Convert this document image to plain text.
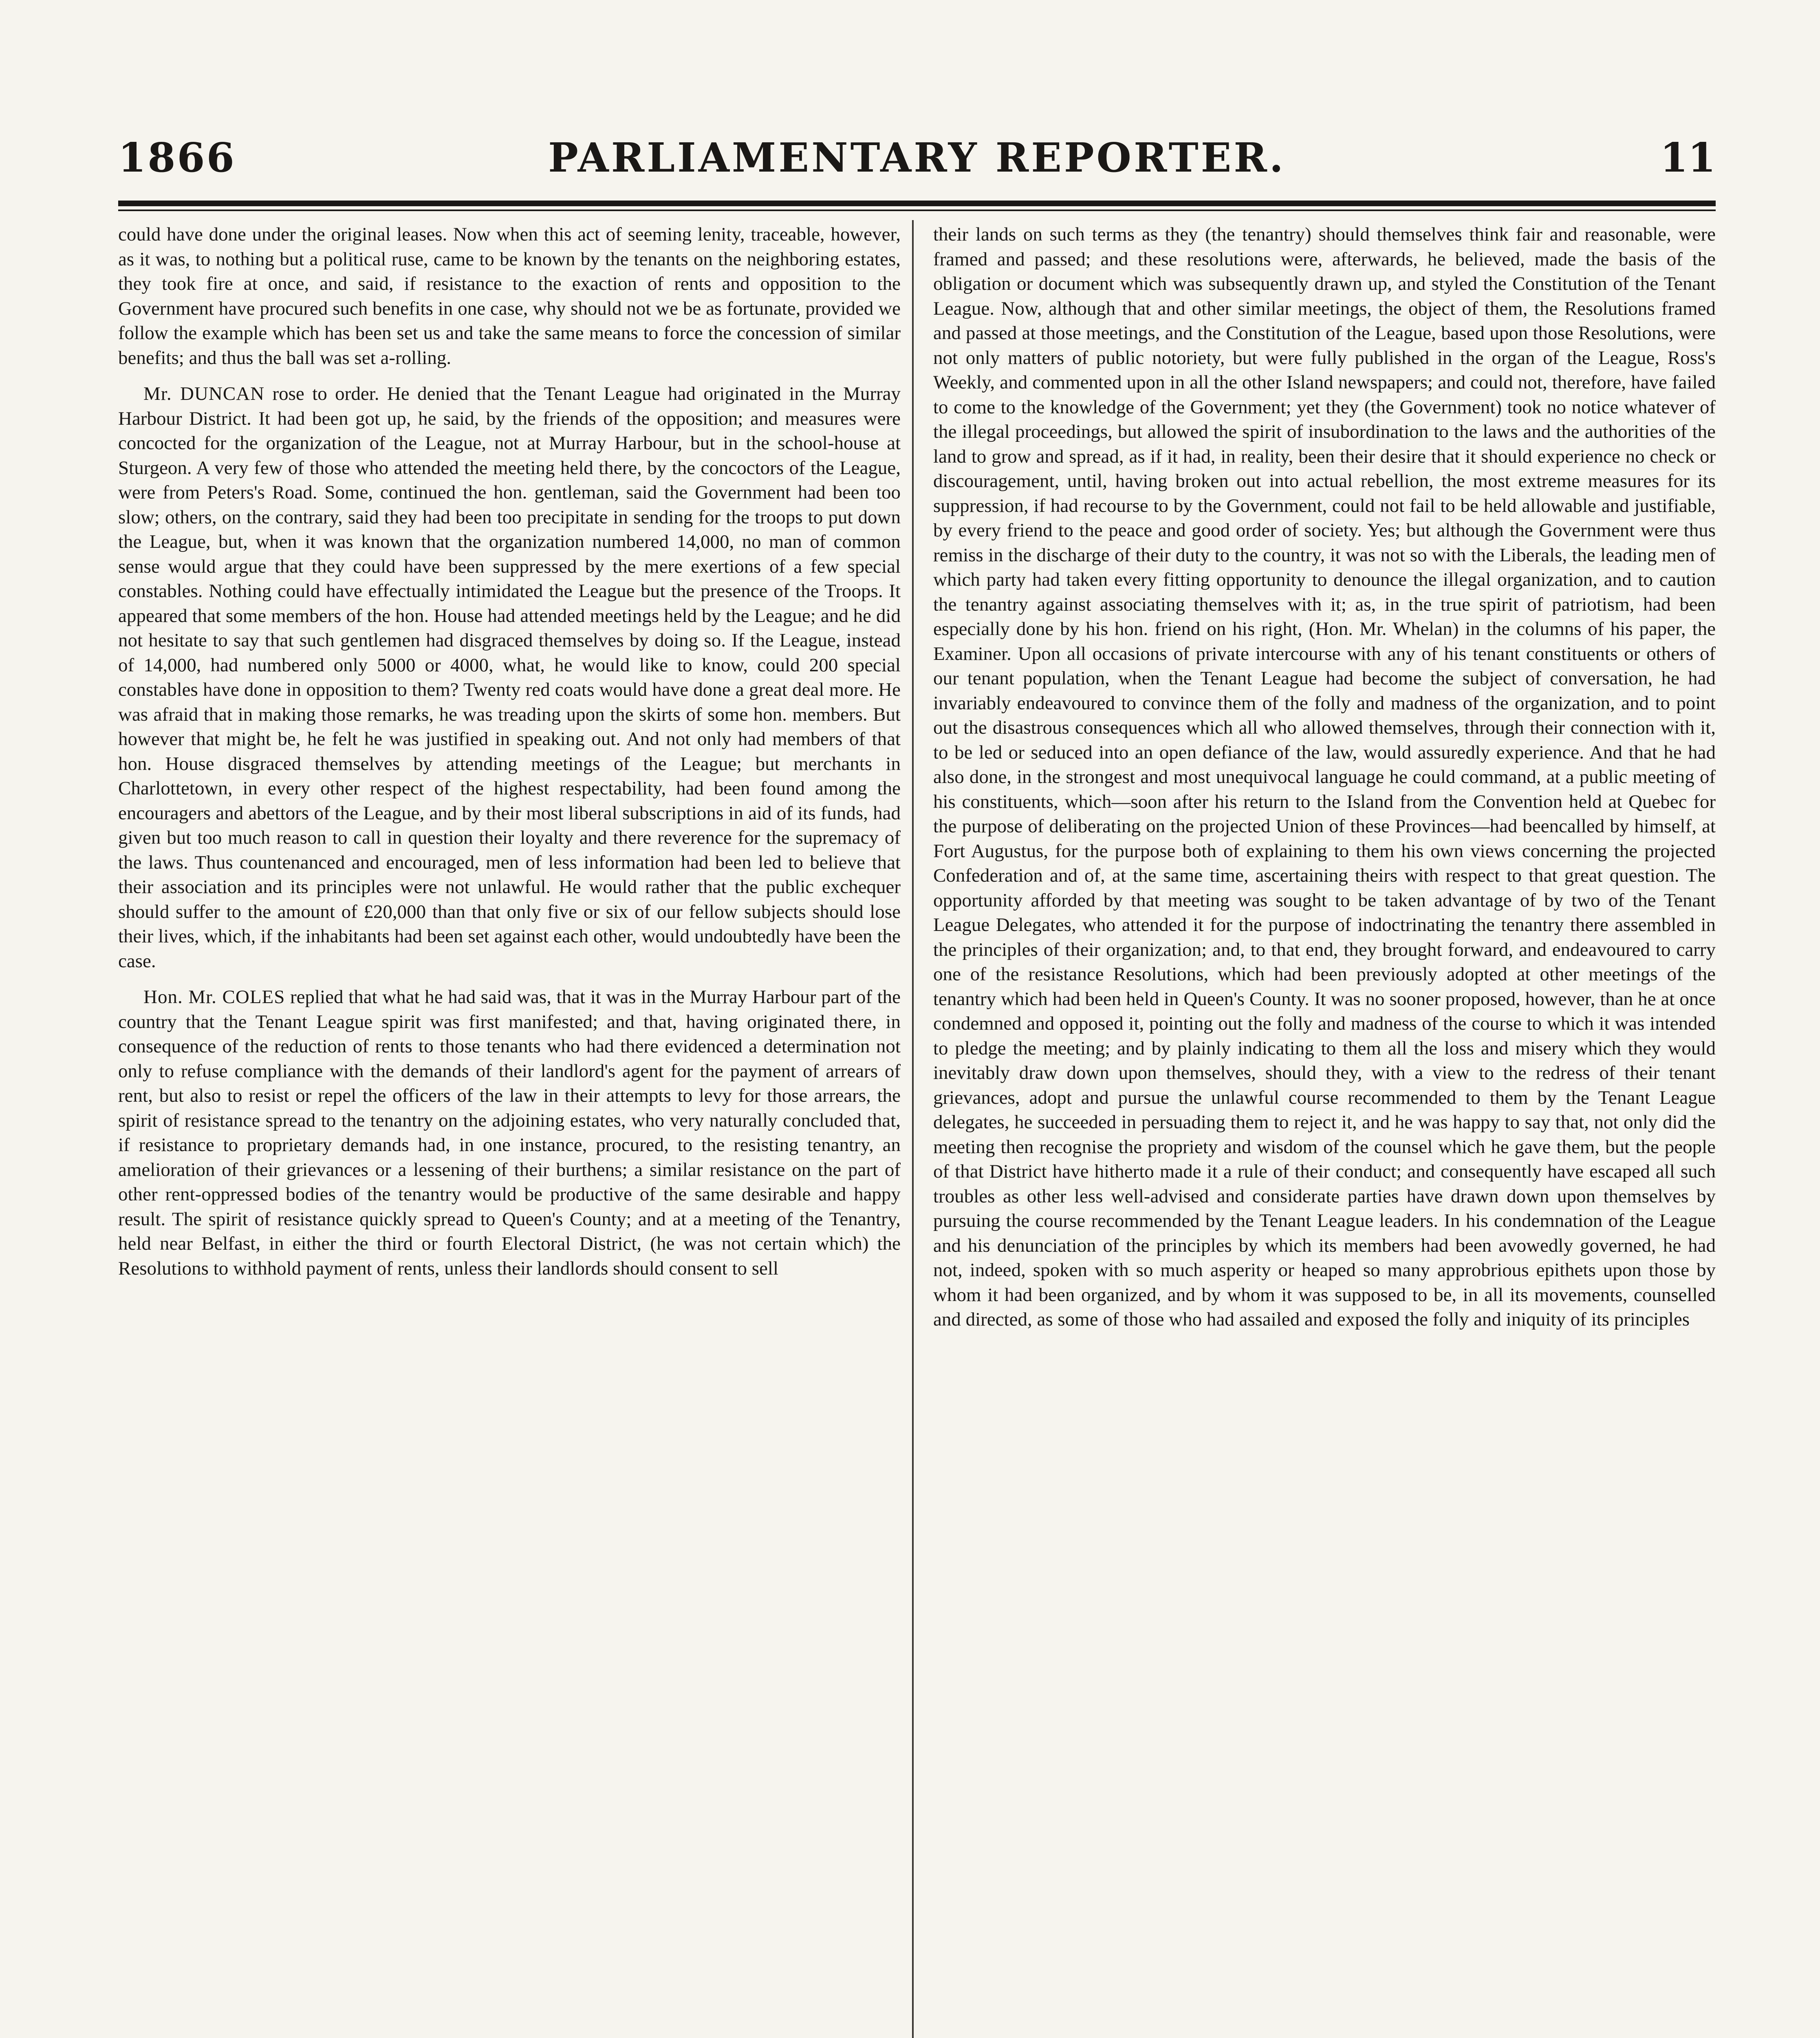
1866	PARLIAMENTARY REPORTER.	11

could have done under the original leases. Now when this act of seeming lenity, traceable, however, as it was, to nothing but a political ruse, came to be known by the tenants on the neighboring estates, they took fire at once, and said, if resistance to the exaction of rents and opposition to the Government have procured such benefits in one case, why should not we be as fortunate, provided we follow the example which has been set us and take the same means to force the concession of similar benefits; and thus the ball was set a-rolling.

Mr. DUNCAN rose to order. He denied that the Tenant League had originated in the Murray Harbour District. It had been got up, he said, by the friends of the opposition; and measures were concocted for the organization of the League, not at Murray Harbour, but in the school-house at Sturgeon. A very few of those who attended the meeting held there, by the concoctors of the League, were from Peters's Road. Some, continued the hon. gentleman, said the Government had been too slow; others, on the contrary, said they had been too precipitate in sending for the troops to put down the League, but, when it was known that the organization numbered 14,000, no man of common sense would argue that they could have been suppressed by the mere exertions of a few special constables. Nothing could have effectually intimidated the League but the presence of the Troops. It appeared that some members of the hon. House had attended meetings held by the League; and he did not hesitate to say that such gentlemen had disgraced themselves by doing so. If the League, instead of 14,000, had numbered only 5000 or 4000, what, he would like to know, could 200 special constables have done in opposition to them? Twenty red coats would have done a great deal more. He was afraid that in making those remarks, he was treading upon the skirts of some hon. members. But however that might be, he felt he was justified in speaking out. And not only had members of that hon. House disgraced themselves by attending meetings of the League; but merchants in Charlottetown, in every other respect of the highest respectability, had been found among the encouragers and abettors of the League, and by their most liberal subscriptions in aid of its funds, had given but too much reason to call in question their loyalty and there reverence for the supremacy of the laws. Thus countenanced and encouraged, men of less information had been led to believe that their association and its principles were not unlawful. He would rather that the public exchequer should suffer to the amount of £20,000 than that only five or six of our fellow subjects should lose their lives, which, if the inhabitants had been set against each other, would undoubtedly have been the case.

Hon. Mr. COLES replied that what he had said was, that it was in the Murray Harbour part of the country that the Tenant League spirit was first manifested; and that, having originated there, in consequence of the reduction of rents to those tenants who had there evidenced a determination not only to refuse compliance with the demands of their landlord's agent for the payment of arrears of rent, but also to resist or repel the officers of the law in their attempts to levy for those arrears, the spirit of resistance spread to the tenantry on the adjoining estates, who very naturally concluded that, if resistance to proprietary demands had, in one instance, procured, to the resisting tenantry, an amelioration of their grievances or a lessening of their burthens; a similar resistance on the part of other rent-oppressed bodies of the tenantry would be productive of the same desirable and happy result. The spirit of resistance quickly spread to Queen's County; and at a meeting of the Tenantry, held near Belfast, in either the third or fourth Electoral District, (he was not certain which) the Resolutions to withhold payment of rents, unless their landlords should consent to sell

their lands on such terms as they (the tenantry) should themselves think fair and reasonable, were framed and passed; and these resolutions were, afterwards, he believed, made the basis of the obligation or document which was subsequently drawn up, and styled the Constitution of the Tenant League. Now, although that and other similar meetings, the object of them, the Resolutions framed and passed at those meetings, and the Constitution of the League, based upon those Resolutions, were not only matters of public notoriety, but were fully published in the organ of the League, Ross's Weekly, and commented upon in all the other Island newspapers; and could not, therefore, have failed to come to the knowledge of the Government; yet they (the Government) took no notice whatever of the illegal proceedings, but allowed the spirit of insubordination to the laws and the authorities of the land to grow and spread, as if it had, in reality, been their desire that it should experience no check or discouragement, until, having broken out into actual rebellion, the most extreme measures for its suppression, if had recourse to by the Government, could not fail to be held allowable and justifiable, by every friend to the peace and good order of society. Yes; but although the Government were thus remiss in the discharge of their duty to the country, it was not so with the Liberals, the leading men of which party had taken every fitting opportunity to denounce the illegal organization, and to caution the tenantry against associating themselves with it; as, in the true spirit of patriotism, had been especially done by his hon. friend on his right, (Hon. Mr. Whelan) in the columns of his paper, the Examiner. Upon all occasions of private intercourse with any of his tenant constituents or others of our tenant population, when the Tenant League had become the subject of conversation, he had invariably endeavoured to convince them of the folly and madness of the organization, and to point out the disastrous consequences which all who allowed themselves, through their connection with it, to be led or seduced into an open defiance of the law, would assuredly experience. And that he had also done, in the strongest and most unequivocal language he could command, at a public meeting of his constituents, which—soon after his return to the Island from the Convention held at Quebec for the purpose of deliberating on the projected Union of these Provinces—had beencalled by himself, at Fort Augustus, for the purpose both of explaining to them his own views concerning the projected Confederation and of, at the same time, ascertaining theirs with respect to that great question. The opportunity afforded by that meeting was sought to be taken advantage of by two of the Tenant League Delegates, who attended it for the purpose of indoctrinating the tenantry there assembled in the principles of their organization; and, to that end, they brought forward, and endeavoured to carry one of the resistance Resolutions, which had been previously adopted at other meetings of the tenantry which had been held in Queen's County. It was no sooner proposed, however, than he at once condemned and opposed it, pointing out the folly and madness of the course to which it was intended to pledge the meeting; and by plainly indicating to them all the loss and misery which they would inevitably draw down upon themselves, should they, with a view to the redress of their tenant grievances, adopt and pursue the unlawful course recommended to them by the Tenant League delegates, he succeeded in persuading them to reject it, and he was happy to say that, not only did the meeting then recognise the propriety and wisdom of the counsel which he gave them, but the people of that District have hitherto made it a rule of their conduct; and consequently have escaped all such troubles as other less well-advised and considerate parties have drawn down upon themselves by pursuing the course recommended by the Tenant League leaders. In his condemnation of the League and his denunciation of the principles by which its members had been avowedly governed, he had not, indeed, spoken with so much asperity or heaped so many approbrious epithets upon those by whom it had been organized, and by whom it was supposed to be, in all its movements, counselled and directed, as some of those who had assailed and exposed the folly and iniquity of its principles
